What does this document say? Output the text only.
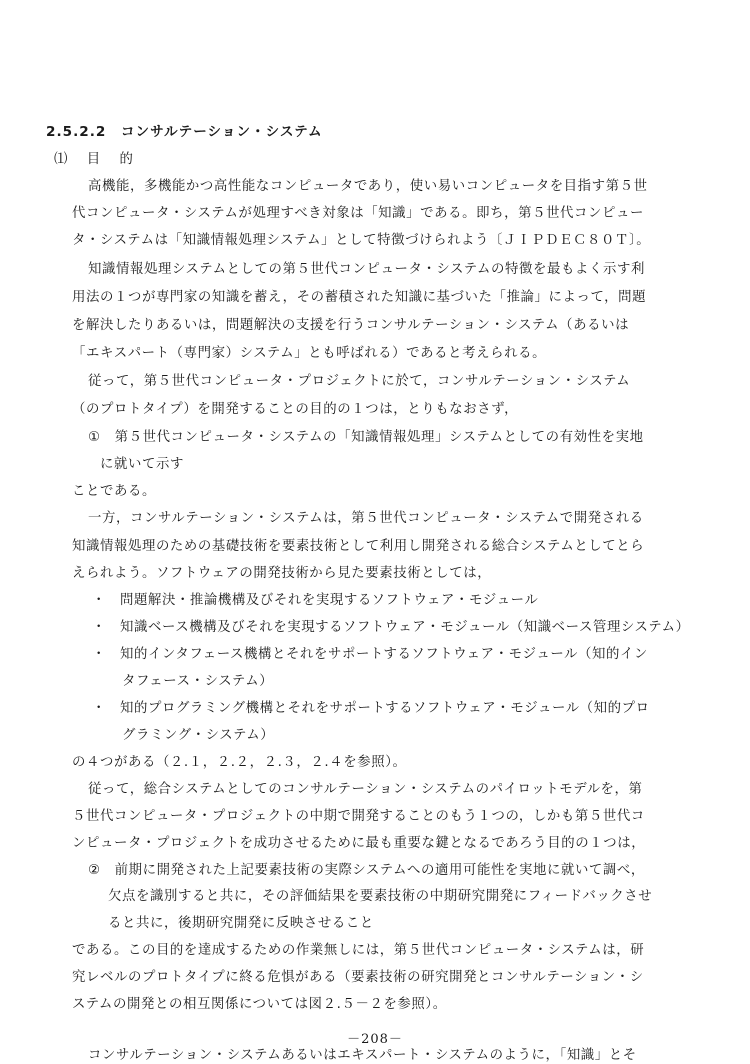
2.5.2.2　コンサルテーション・システム
⑴　目　的
高機能，多機能かつ高性能なコンピュータであり，使い易いコンピュータを目指す第５世
代コンピュータ・システムが処理すべき対象は「知識」である。即ち，第５世代コンピュー
タ・システムは「知識情報処理システム」として特徴づけられよう〔ＪＩＰＤＥＣ８０Ｔ〕。
知識情報処理システムとしての第５世代コンピュータ・システムの特徴を最もよく示す利
用法の１つが専門家の知識を蓄え，その蓄積された知識に基づいた「推論」によって，問題
を解決したりあるいは，問題解決の支援を行うコンサルテーション・システム（あるいは
「エキスパート（専門家）システム」とも呼ばれる）であると考えられる。
従って，第５世代コンピュータ・プロジェクトに於て，コンサルテーション・システム
（のプロトタイプ）を開発することの目的の１つは，とりもなおさず，
①　第５世代コンピュータ・システムの「知識情報処理」システムとしての有効性を実地
に就いて示す
ことである。
一方，コンサルテーション・システムは，第５世代コンピュータ・システムで開発される
知識情報処理のための基礎技術を要素技術として利用し開発される総合システムとしてとら
えられよう。ソフトウェアの開発技術から見た要素技術としては，
・　問題解決・推論機構及びそれを実現するソフトウェア・モジュール
・　知識ベース機構及びそれを実現するソフトウェア・モジュール（知識ベース管理システム）
・　知的インタフェース機構とそれをサポートするソフトウェア・モジュール（知的イン
タフェース・システム）
・　知的プログラミング機構とそれをサポートするソフトウェア・モジュール（知的プロ
グラミング・システム）
の４つがある（２.１，２.２，２.３，２.４を参照）。
従って，総合システムとしてのコンサルテーション・システムのパイロットモデルを，第
５世代コンピュータ・プロジェクトの中期で開発することのもう１つの，しかも第５世代コ
ンピュータ・プロジェクトを成功させるために最も重要な鍵となるであろう目的の１つは，
②　前期に開発された上記要素技術の実際システムへの適用可能性を実地に就いて調べ，
欠点を識別すると共に，その評価結果を要素技術の中期研究開発にフィードバックさせ
ると共に，後期研究開発に反映させること
である。この目的を達成するための作業無しには，第５世代コンピュータ・システムは，研
究レベルのプロトタイプに終る危惧がある（要素技術の研究開発とコンサルテーション・シ
ステムの開発との相互関係については図２.５－２を参照）。
コンサルテーション・システムあるいはエキスパート・システムのように，「知識」とそ
－208－
